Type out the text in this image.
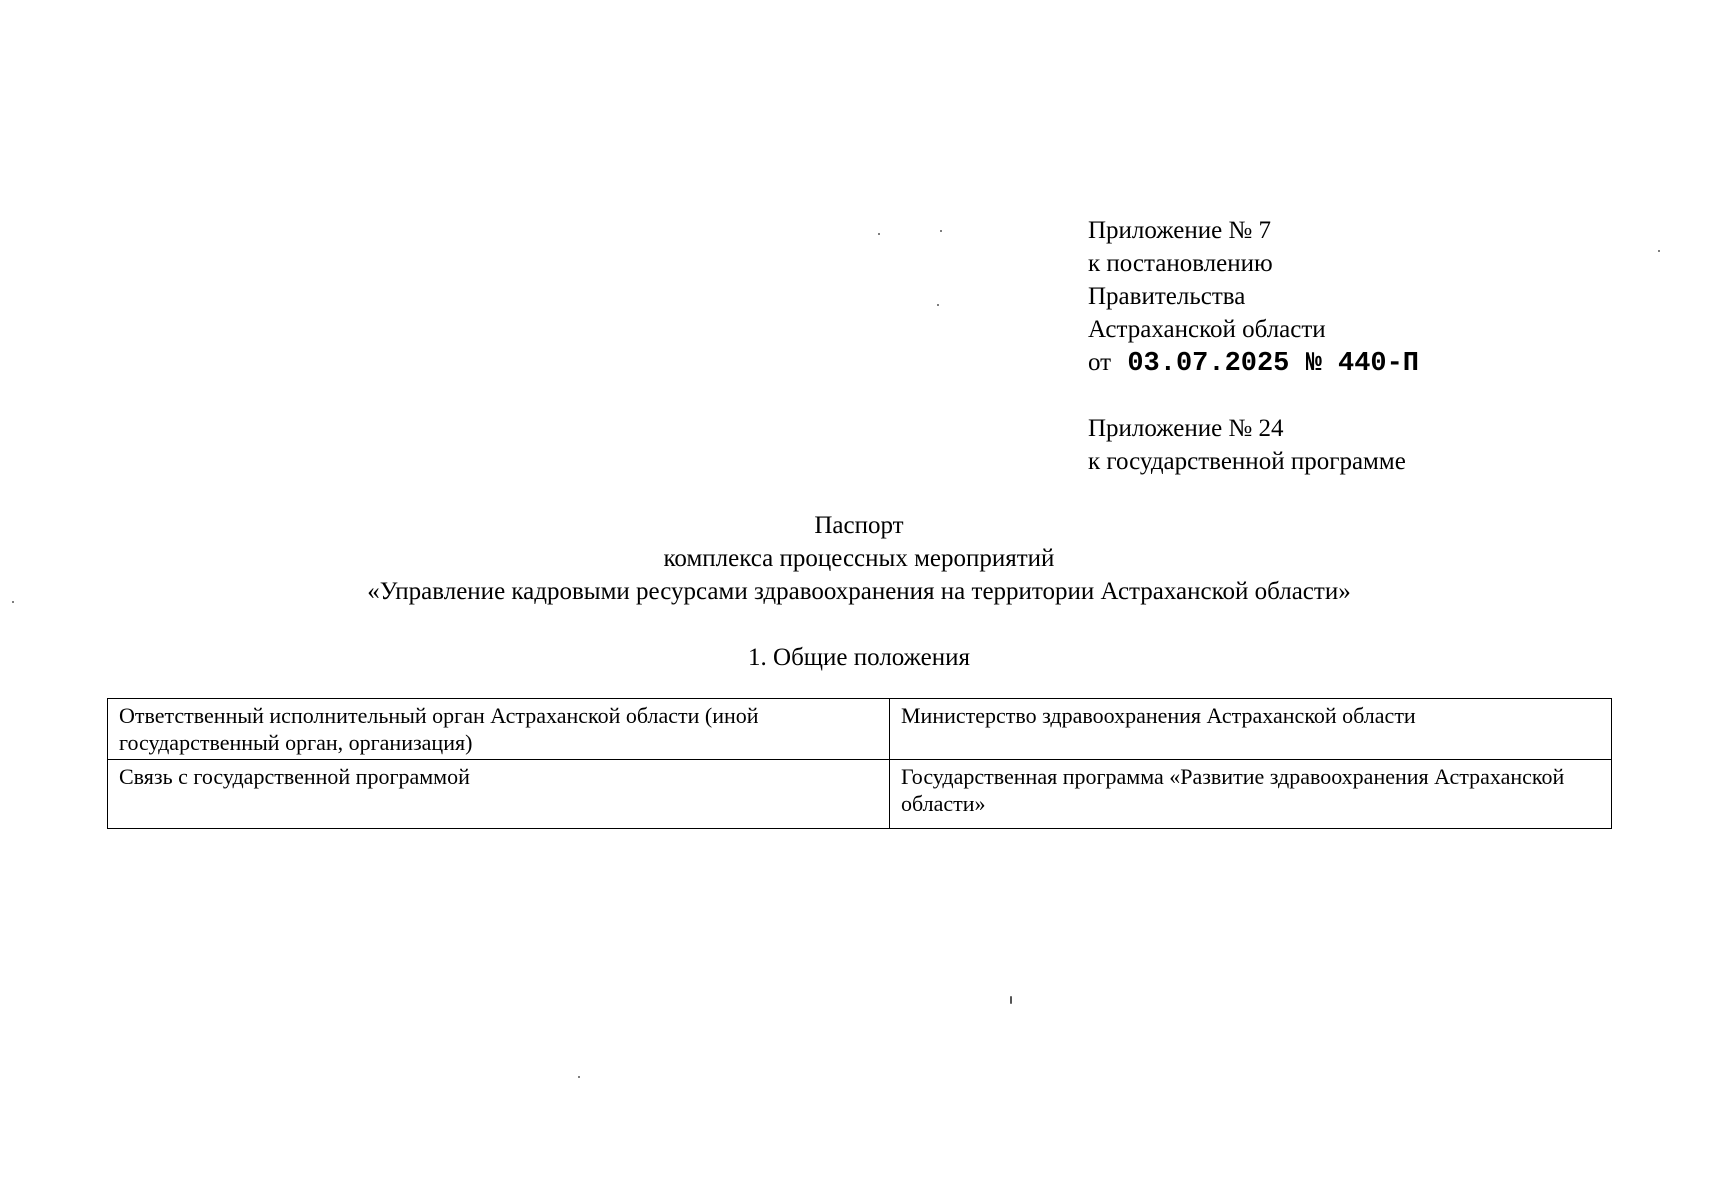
Приложение № 7
к постановлению
Правительства
Астраханской области
от 03.07.2025 № 440-П
Приложение № 24
к государственной программе
Паспорт
комплекса процессных мероприятий
«Управление кадровыми ресурсами здравоохранения на территории Астраханской области»
1. Общие положения
Ответственный исполнительный орган Астраханской области (иной государственный орган, организация)	Министерство здравоохранения Астраханской области
Связь с государственной программой	Государственная программа «Развитие здравоохранения Астраханской области»
